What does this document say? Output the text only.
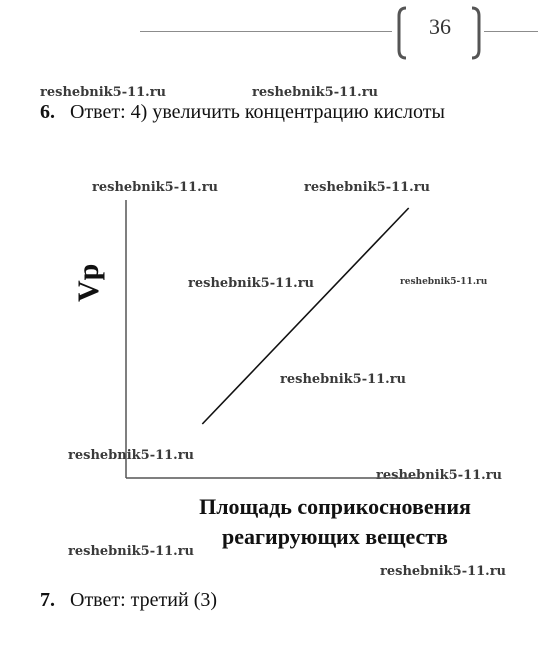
36
reshebnik5-11.ru	reshebnik5-11.ru
reshebnik5-11.ru	reshebnik5-11.ru
reshebnik5-11.ru	reshebnik5-11.ru
reshebnik5-11.ru
reshebnik5-11.ru
reshebnik5-11.ru
reshebnik5-11.ru
reshebnik5-11.ru
6. Ответ: 4) увеличить концентрацию кислоты
Vp
Площадь соприкосновения
реагирующих веществ
7. Ответ: третий (3)
